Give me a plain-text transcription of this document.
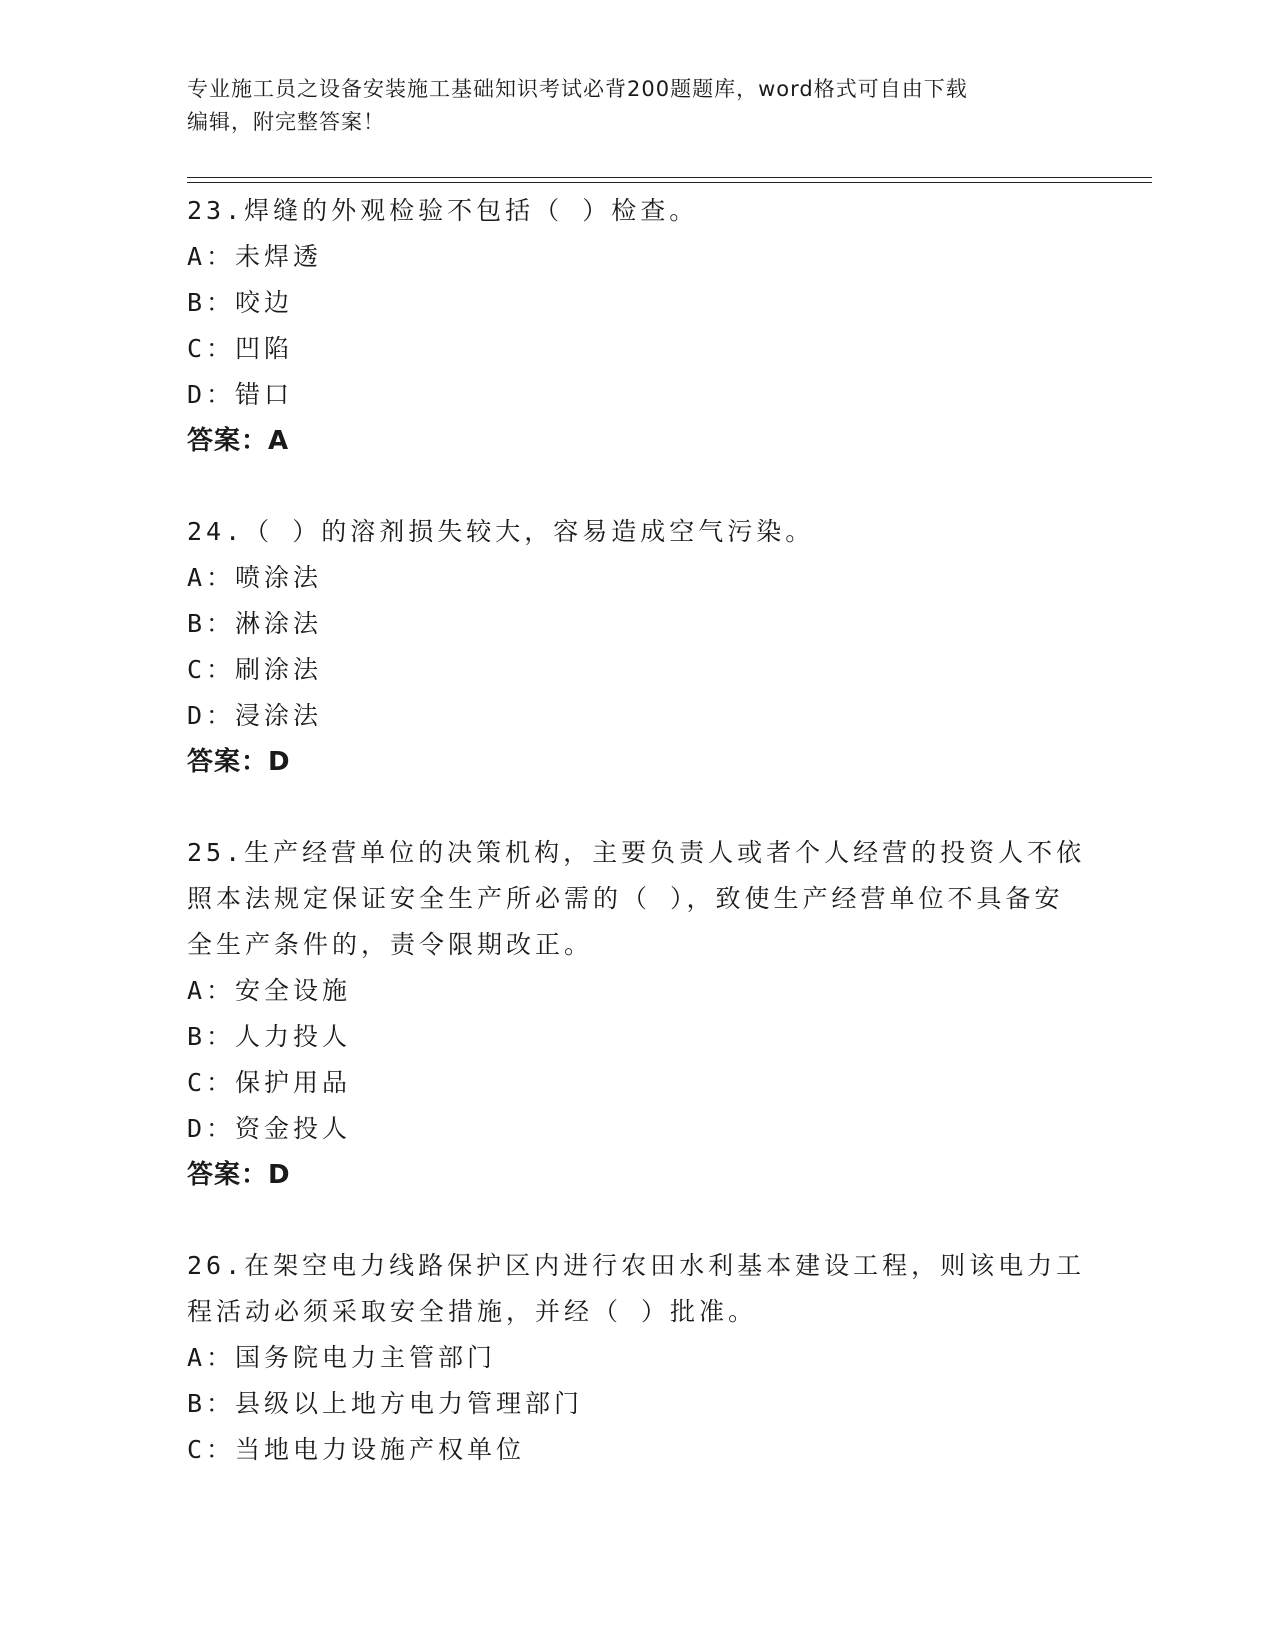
专业施工员之设备安装施工基础知识考试必背200题题库，word格式可自由下载
编辑，附完整答案！
23.焊缝的外观检验不包括（ ）检查。
A：未焊透
B：咬边
C：凹陷
D：错口
答案：A
24.（ ）的溶剂损失较大，容易造成空气污染。
A：喷涂法
B：淋涂法
C：刷涂法
D：浸涂法
答案：D
25.生产经营单位的决策机构，主要负责人或者个人经营的投资人不依
照本法规定保证安全生产所必需的（ ），致使生产经营单位不具备安
全生产条件的，责令限期改正。
A：安全设施
B：人力投人
C：保护用品
D：资金投人
答案：D
26.在架空电力线路保护区内进行农田水利基本建设工程，则该电力工
程活动必须采取安全措施，并经（ ）批准。
A：国务院电力主管部门
B：县级以上地方电力管理部门
C：当地电力设施产权单位
